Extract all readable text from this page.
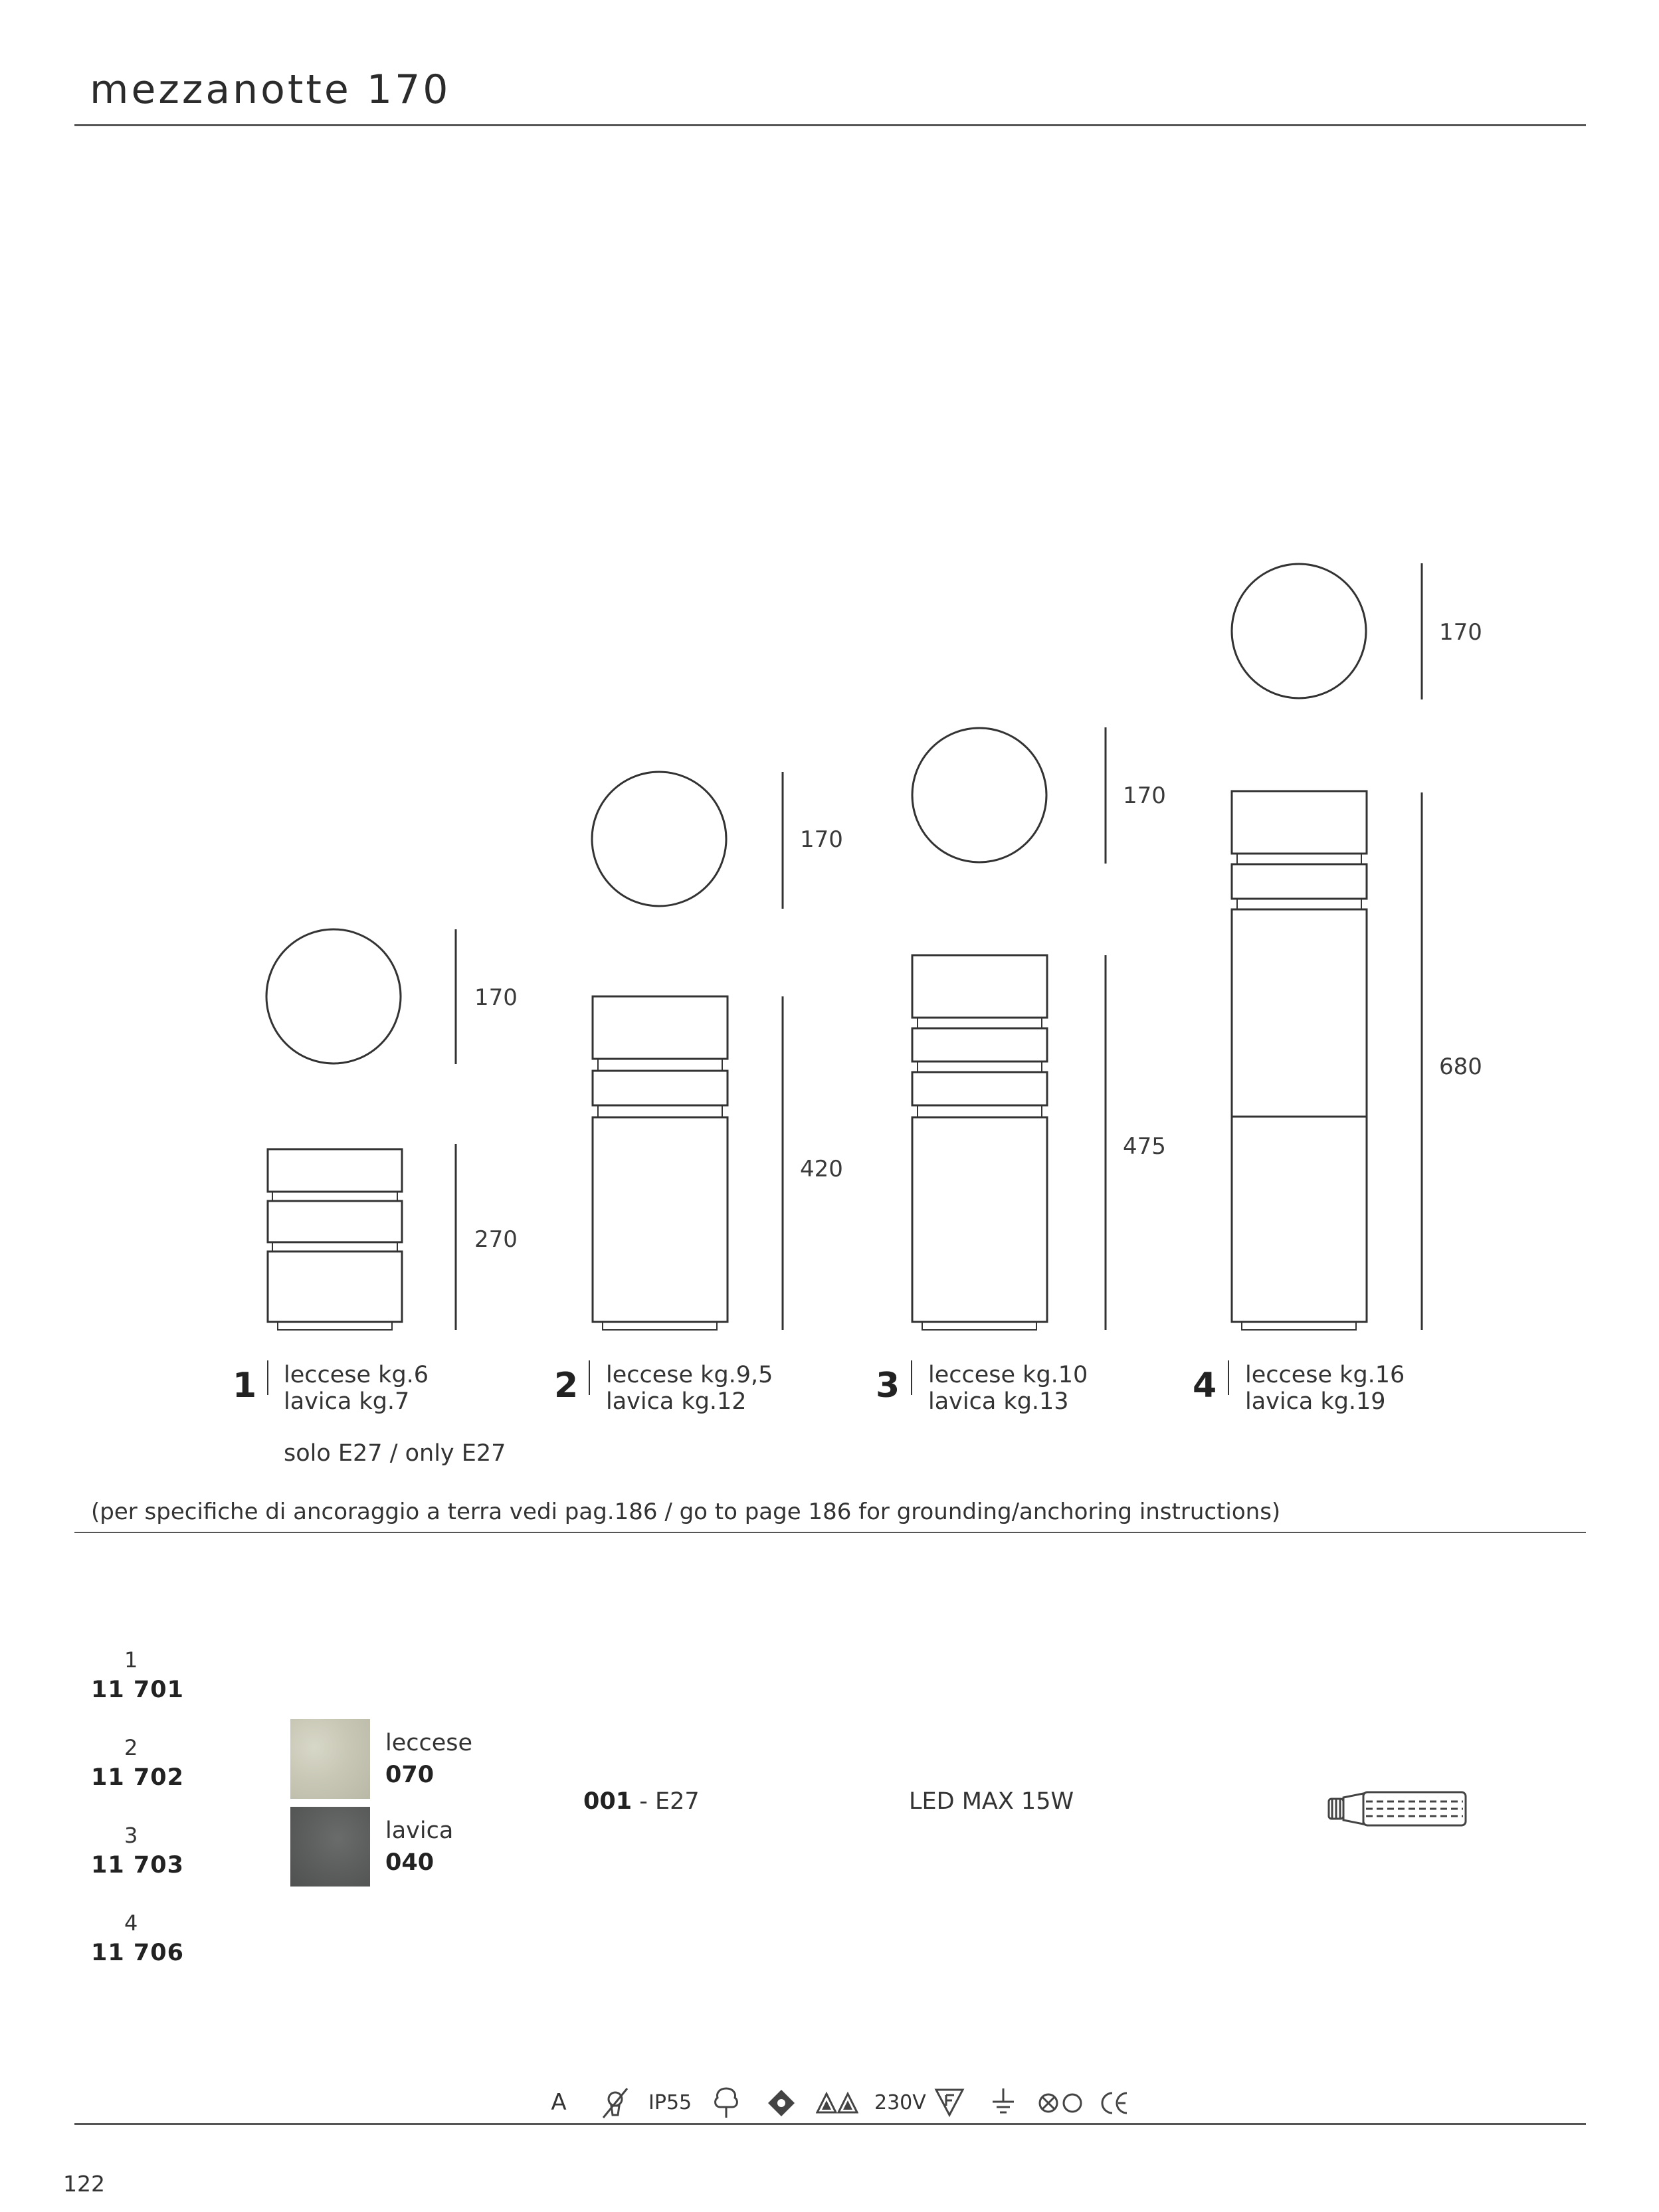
mezzanotte 170
170
270
170
420
170
475
170
680
1 leccese kg.6
lavica kg.7
solo E27 / only E27
2 leccese kg.9,5
lavica kg.12	3 leccese kg.10
lavica kg.13	4 leccese kg.16
lavica kg.19
(per specifiche di ancoraggio a terra vedi pag.186 / go to page 186 for grounding/anchoring instructions)
1
11 701
2
11 702
3
11 703
4
11 706
leccese
070
lavica
040
001 - E27	LED MAX 15W
A	IP55	230V
122
